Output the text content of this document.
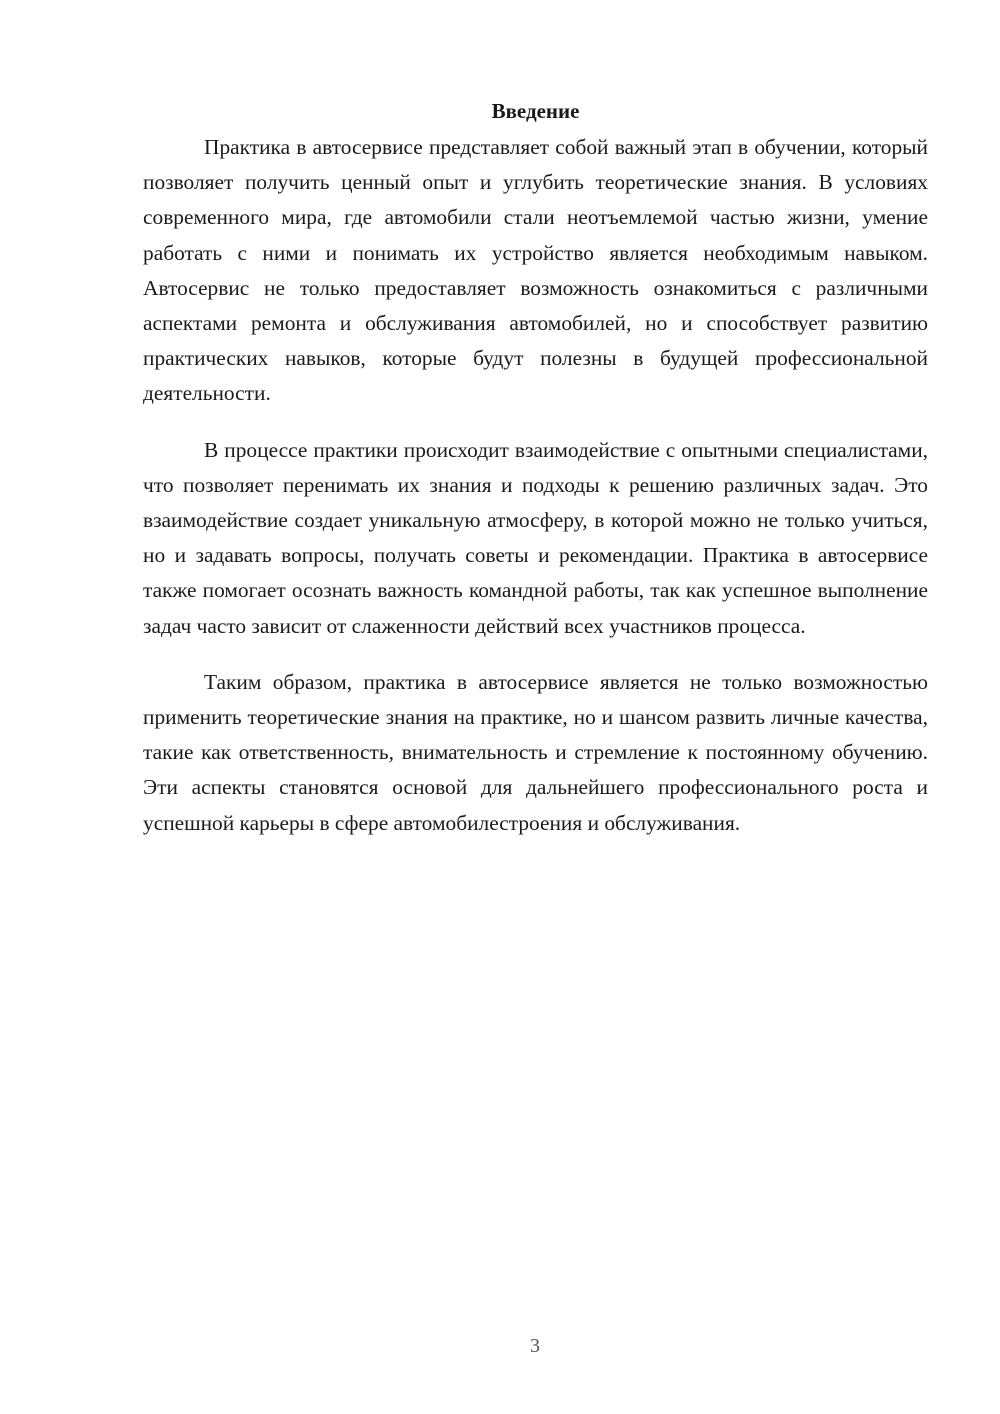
Введение

Практика в автосервисе представляет собой важный этап в обучении, который позволяет получить ценный опыт и углубить теоретические знания. В условиях современного мира, где автомобили стали неотъемлемой частью жизни, умение работать с ними и понимать их устройство является необходимым навыком. Автосервис не только предоставляет возможность ознакомиться с различными аспектами ремонта и обслуживания автомобилей, но и способствует развитию практических навыков, которые будут полезны в будущей профессиональной деятельности.

В процессе практики происходит взаимодействие с опытными специалистами, что позволяет перенимать их знания и подходы к решению различных задач. Это взаимодействие создает уникальную атмосферу, в которой можно не только учиться, но и задавать вопросы, получать советы и рекомендации. Практика в автосервисе также помогает осознать важность командной работы, так как успешное выполнение задач часто зависит от слаженности действий всех участников процесса.

Таким образом, практика в автосервисе является не только возможностью применить теоретические знания на практике, но и шансом развить личные качества, такие как ответственность, внимательность и стремление к постоянному обучению. Эти аспекты становятся основой для дальнейшего профессионального роста и успешной карьеры в сфере автомобилестроения и обслуживания.

3
